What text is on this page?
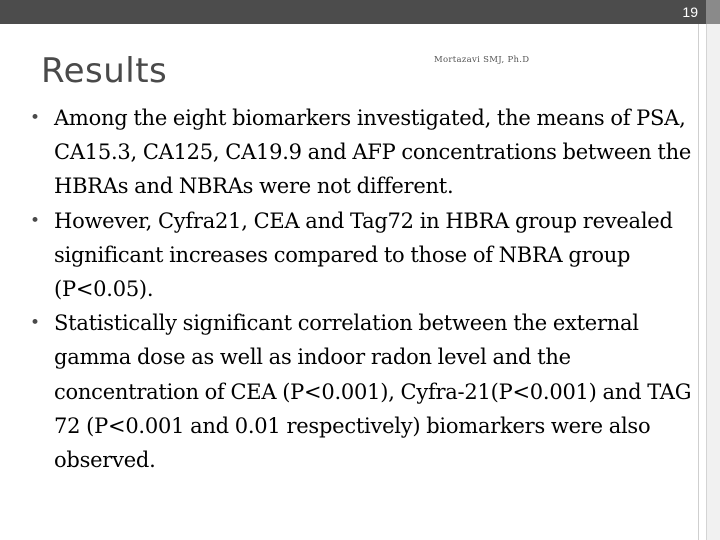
19
Results	Mortazavi SMJ, Ph.D
• Among the eight biomarkers investigated, the means of PSA, CA15.3, CA125, CA19.9 and AFP concentrations between the HBRAs and NBRAs were not different.
• However, Cyfra21, CEA and Tag72 in HBRA group revealed significant increases compared to those of NBRA group (P<0.05).
• Statistically significant correlation between the external gamma dose as well as indoor radon level and the concentration of CEA (P<0.001), Cyfra-21(P<0.001) and TAG 72 (P<0.001 and 0.01 respectively) biomarkers were also observed.
